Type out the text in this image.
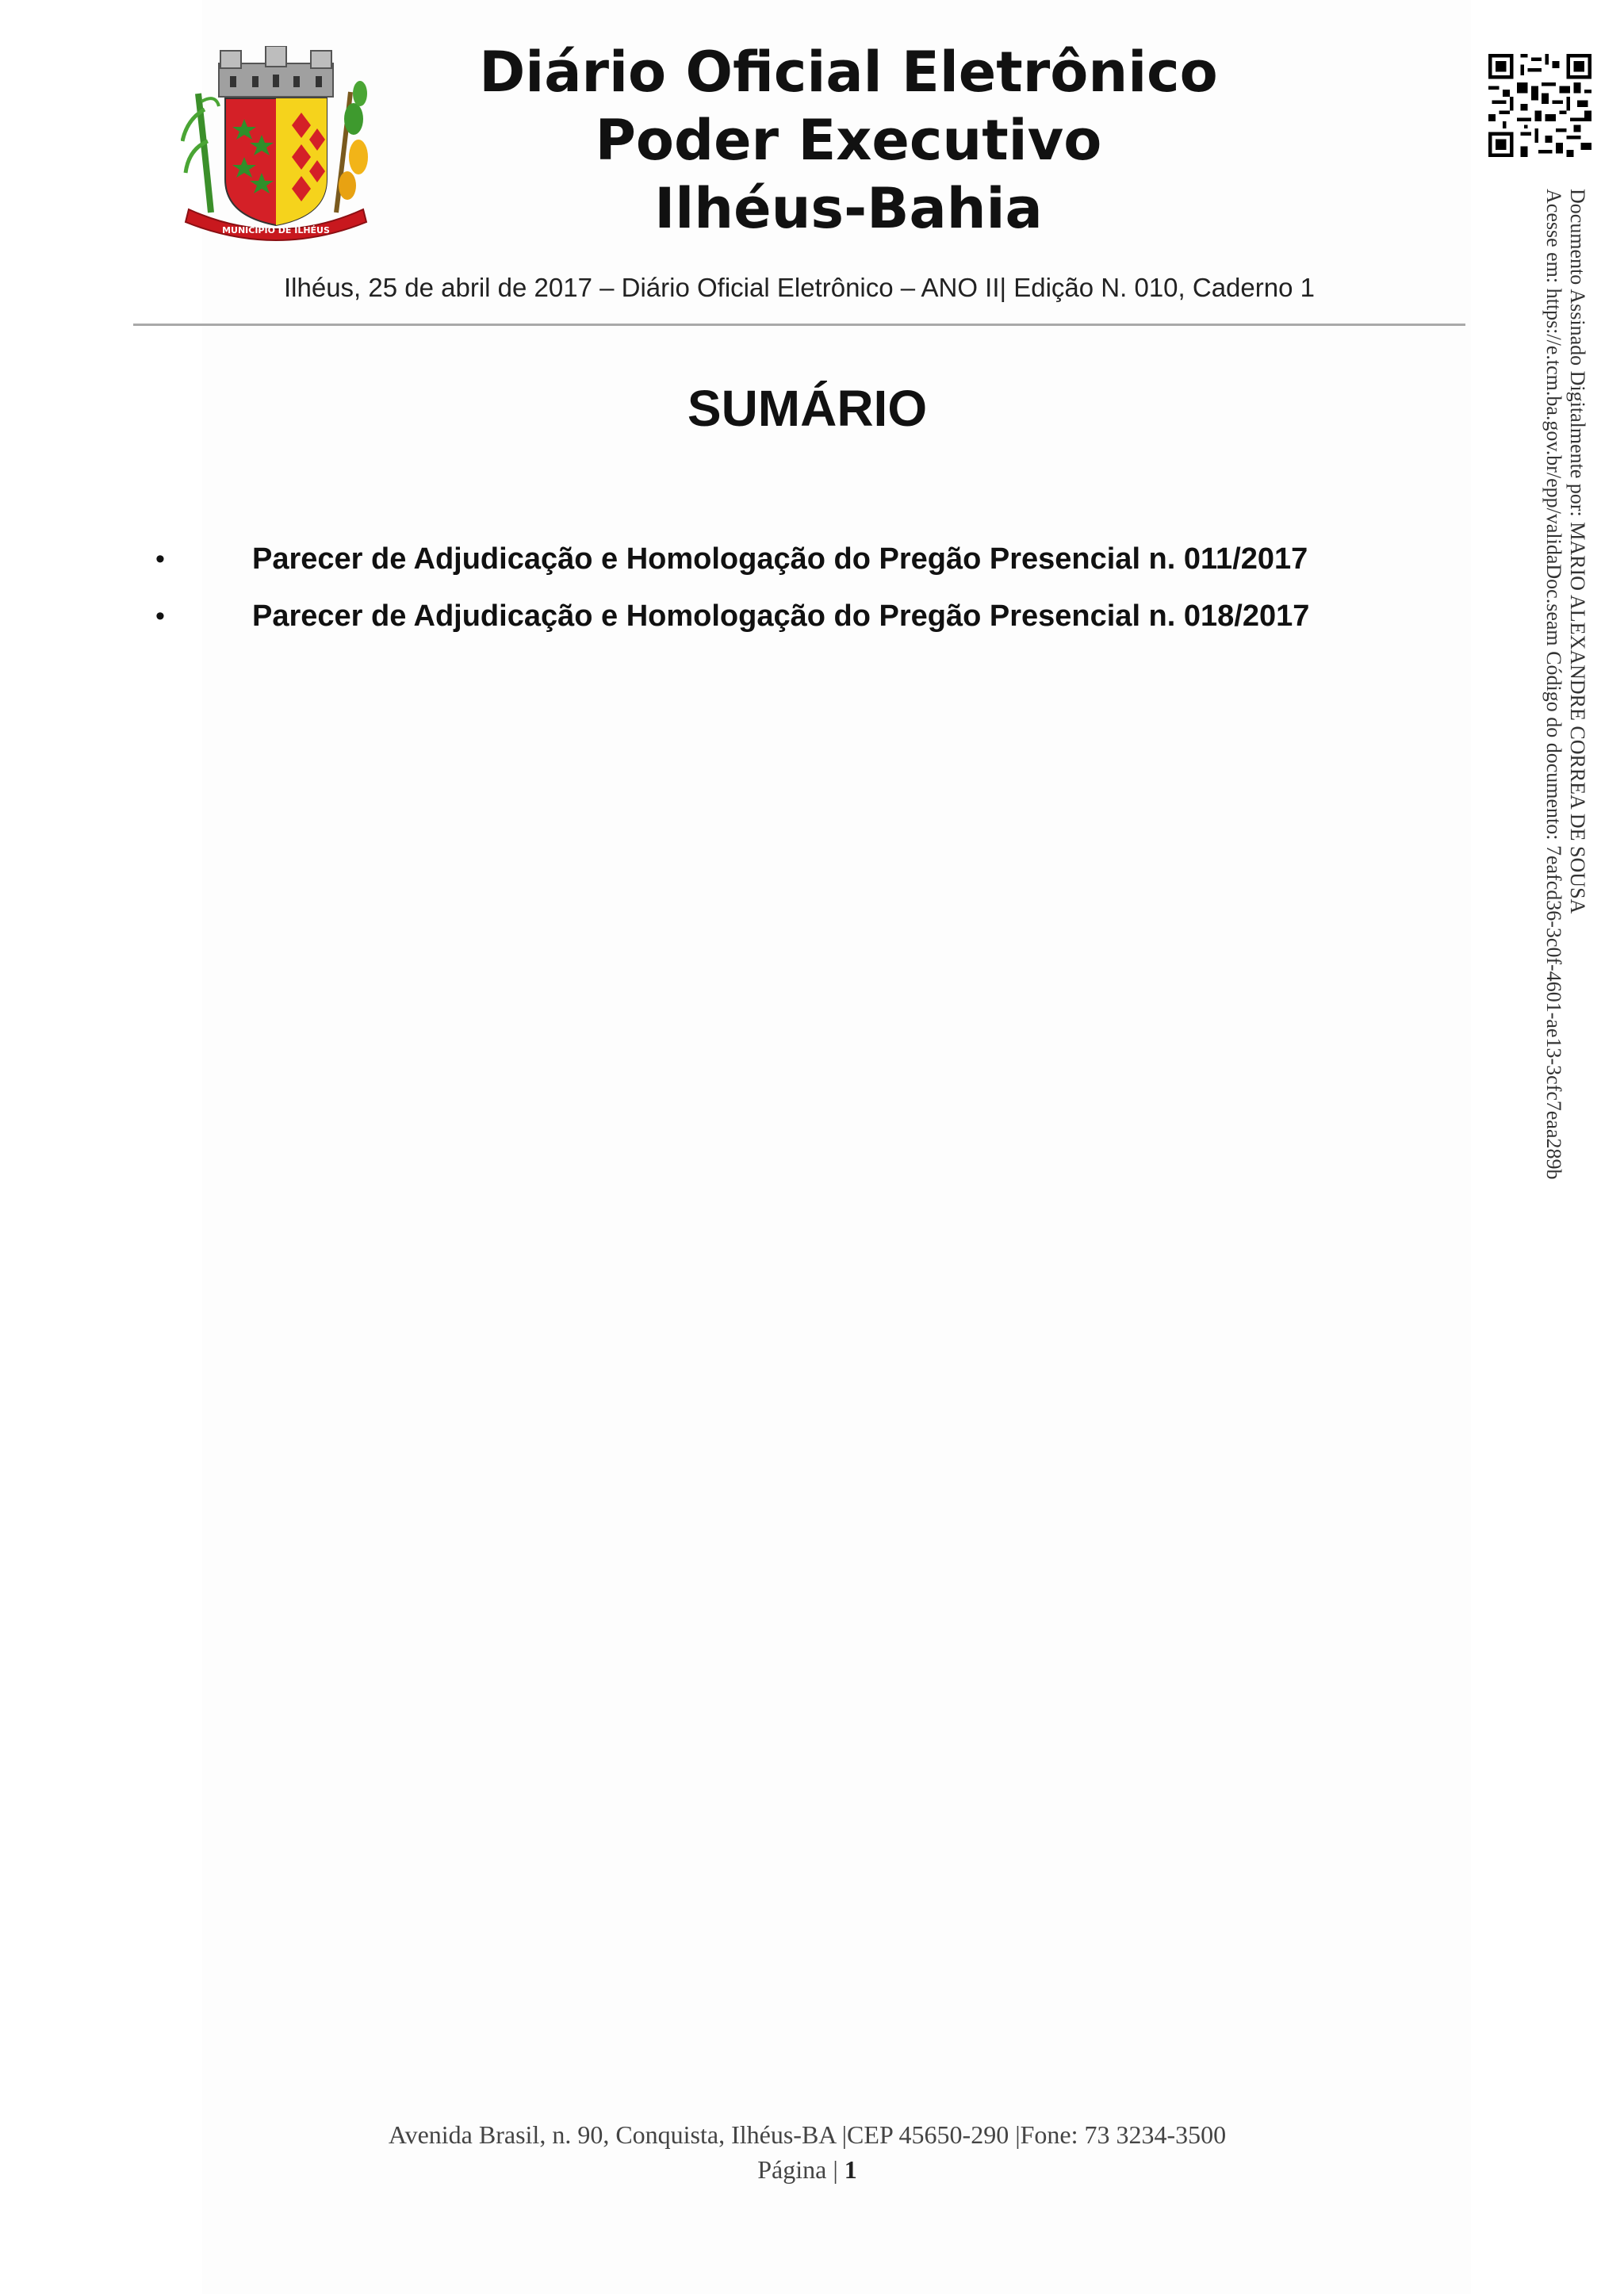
MUNICÍPIO DE ILHÉUS
Diário Oficial Eletrônico
Poder Executivo
Ilhéus-Bahia
Ilhéus, 25 de abril de 2017 – Diário Oficial Eletrônico – ANO II| Edição N. 010, Caderno 1	Documento Assinado Digitalmente por: MARIO ALEXANDRE CORREA DE SOUSA
Acesse em: https://e.tcm.ba.gov.br/epp/validaDoc.seam Código do documento: 7eafcd36-3c0f-4601-ae13-3cfc7eaa289b
SUMÁRIO
•	Parecer de Adjudicação e Homologação do Pregão Presencial n. 011/2017
•	Parecer de Adjudicação e Homologação do Pregão Presencial n. 018/2017
Avenida Brasil, n. 90, Conquista, Ilhéus-BA |CEP 45650-290 |Fone: 73 3234-3500
Página | 1
